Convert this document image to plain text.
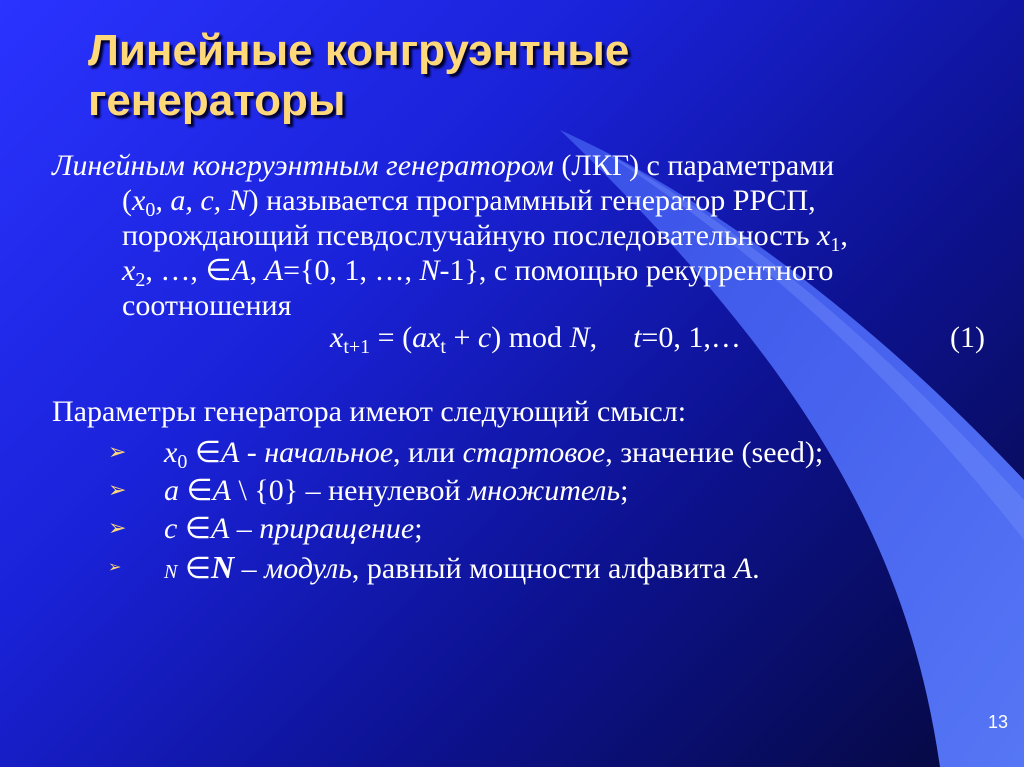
Линейные конгруэнтные
генераторы
Линейным конгруэнтным генератором (ЛКГ) с параметрами
($x_0$, a, c, N) называется программный генератор РРСП,
порождающий псевдослучайную последовательность $x_1$,
$x_2$, …, ∈A, A={0, 1, …, N-1}, с помощью рекуррентного
соотношения
$x_{t+1} = (ax_t + c)$ mod N, t=0, 1,…	(1)
Параметры генератора имеют следующий смысл:
➢ $x_0$ ∈A - начальное, или стартовое, значение (seed);
➢ a ∈A \ {0} – ненулевой множитель;
➢ c ∈A – приращение;
➢	N ∈N – модуль, равный мощности алфавита A.
13
